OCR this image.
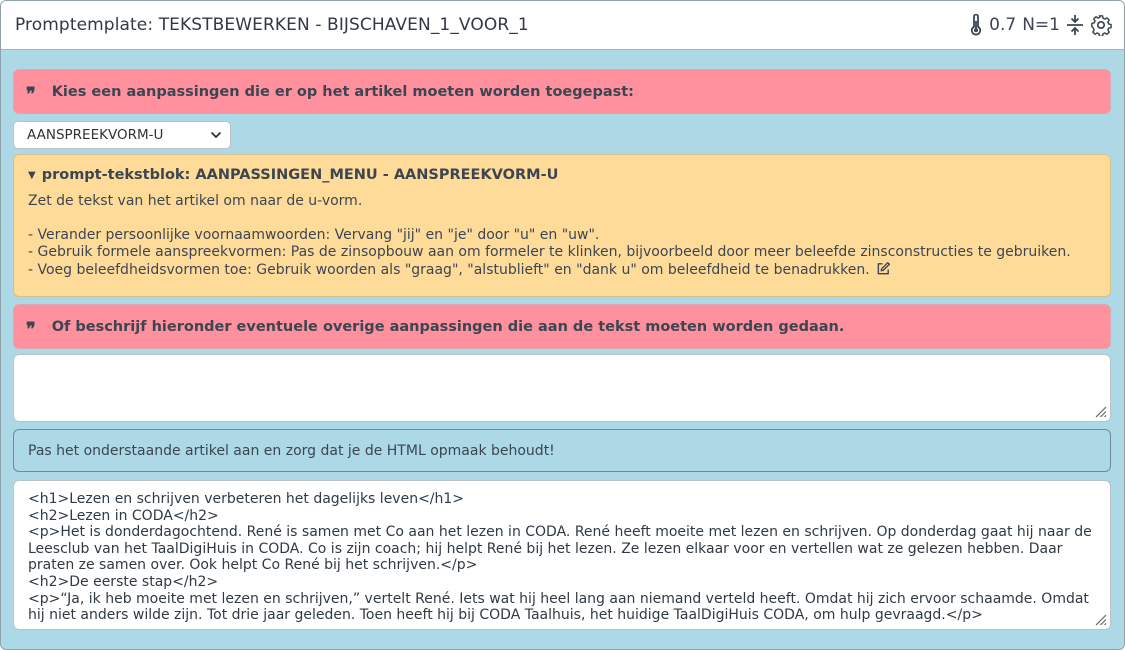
Promptemplate: TEKSTBEWERKEN - BIJSCHAVEN_1_VOOR_1	0.7 N=1
❞ Kies een aanpassingen die er op het artikel moeten worden toegepast:
AANSPREEKVORM-U
▼ prompt-tekstblok: AANPASSINGEN_MENU - AANSPREEKVORM-U
Zet de tekst van het artikel om naar de u-vorm.
- Verander persoonlijke voornaamwoorden: Vervang "jij" en "je" door "u" en "uw".
- Gebruik formele aanspreekvormen: Pas de zinsopbouw aan om formeler te klinken, bijvoorbeeld door meer beleefde zinsconstructies te gebruiken.
- Voeg beleefdheidsvormen toe: Gebruik woorden als "graag", "alstublieft" en "dank u" om beleefdheid te benadrukken.
❞ Of beschrijf hieronder eventuele overige aanpassingen die aan de tekst moeten worden gedaan.
Pas het onderstaande artikel aan en zorg dat je de HTML opmaak behoudt!
<h1>Lezen en schrijven verbeteren het dagelijks leven</h1>
<h2>Lezen in CODA</h2>
<p>Het is donderdagochtend. René is samen met Co aan het lezen in CODA. René heeft moeite met lezen en schrijven. Op donderdag gaat hij naar de
Leesclub van het TaalDigiHuis in CODA. Co is zijn coach; hij helpt René bij het lezen. Ze lezen elkaar voor en vertellen wat ze gelezen hebben. Daar
praten ze samen over. Ook helpt Co René bij het schrijven.</p>
<h2>De eerste stap</h2>
<p>“Ja, ik heb moeite met lezen en schrijven,” vertelt René. Iets wat hij heel lang aan niemand verteld heeft. Omdat hij zich ervoor schaamde. Omdat
hij niet anders wilde zijn. Tot drie jaar geleden. Toen heeft hij bij CODA Taalhuis, het huidige TaalDigiHuis CODA, om hulp gevraagd.</p>
